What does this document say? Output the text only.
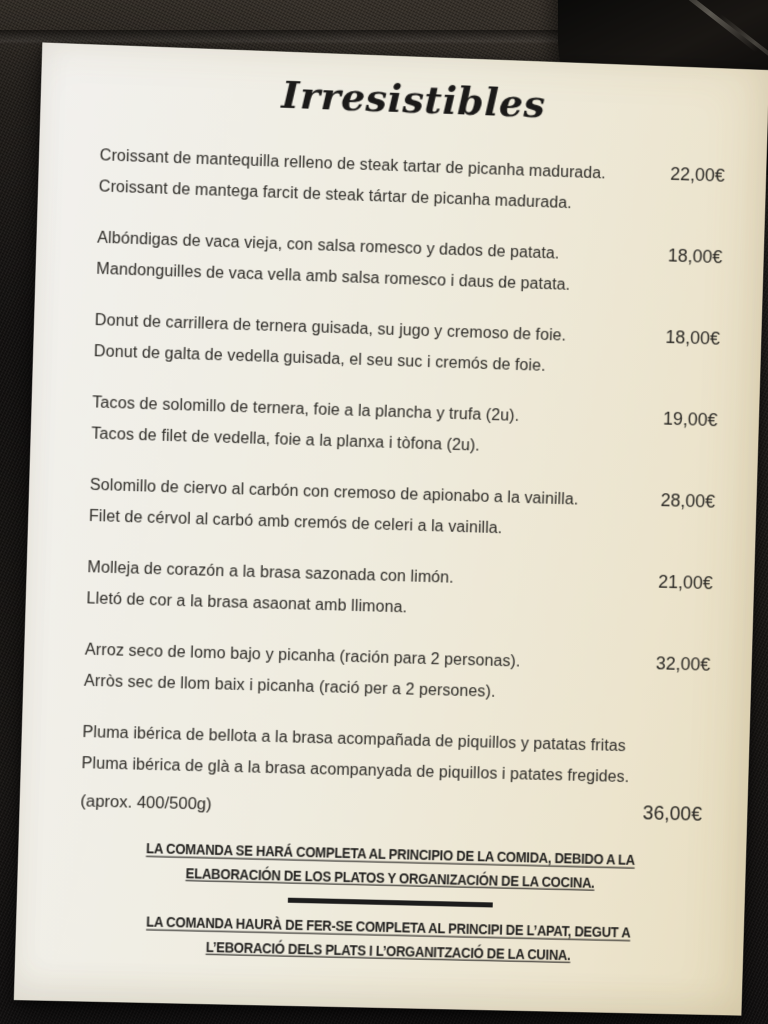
Irresistibles

Croissant de mantequilla relleno de steak tartar de picanha madurada.

Croissant de mantega farcit de steak tártar de picanha madurada.

22,00€

Albóndigas de vaca vieja, con salsa romesco y dados de patata.

Mandonguilles de vaca vella amb salsa romesco i daus de patata.

18,00€

Donut de carrillera de ternera guisada, su jugo y cremoso de foie.

Donut de galta de vedella guisada, el seu suc i cremós de foie.

18,00€

Tacos de solomillo de ternera, foie a la plancha y trufa (2u).

Tacos de filet de vedella, foie a la planxa i tòfona (2u).

19,00€

Solomillo de ciervo al carbón con cremoso de apionabo a la vainilla.

Filet de cérvol al carbó amb cremós de celeri a la vainilla.

28,00€

Molleja de corazón a la brasa sazonada con limón.

Lletó de cor a la brasa asaonat amb llimona.

21,00€

Arroz seco de lomo bajo y picanha (ración para 2 personas).

Arròs sec de llom baix i picanha (ració per a 2 persones).

32,00€

Pluma ibérica de bellota a la brasa acompañada de piquillos y patatas fritas

Pluma ibérica de glà a la brasa acompanyada de piquillos i patates fregides.

(aprox. 400/500g)	36,00€

LA COMANDA SE HARÁ COMPLETA AL PRINCIPIO DE LA COMIDA, DEBIDO A LA ELABORACIÓN DE LOS PLATOS Y ORGANIZACIÓN DE LA COCINA.

LA COMANDA HAURÀ DE FER-SE COMPLETA AL PRINCIPI DE L’APAT, DEGUT A L’EBORACIÓ DELS PLATS I L’ORGANITZACIÓ DE LA CUINA.
